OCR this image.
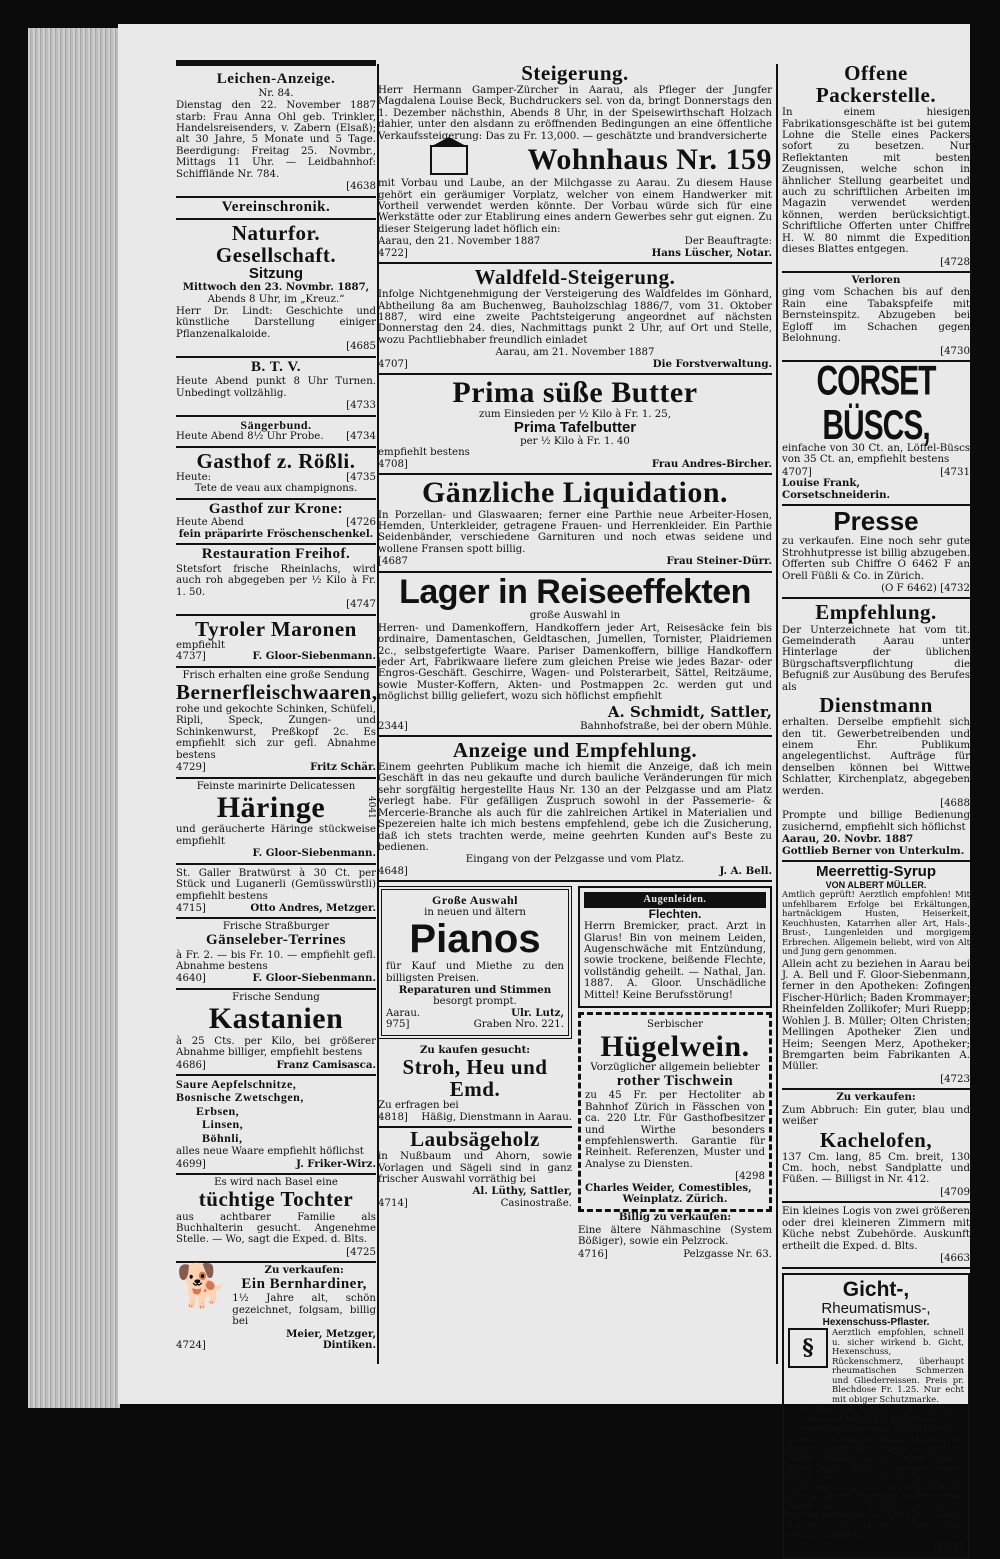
Leichen-Anzeige.
Nr. 84.
Dienstag den 22. November 1887 starb: Frau Anna Ohl geb. Trinkler, Handelsreisenders, v. Zabern (Elsaß); alt 30 Jahre, 5 Monate und 5 Tage. Beerdigung: Freitag 25. Novmbr., Mittags 11 Uhr. — Leidbahnhof: Schifflände Nr. 784.
[4638
Vereinschronik.
Naturfor. Gesellschaft.
Sitzung
Mittwoch den 23. Novmbr. 1887,
Abends 8 Uhr, im „Kreuz.“
Herr Dr. Lindt: Geschichte und künstliche Darstellung einiger Pflanzenalkaloide.
[4685
B. T. V.
Heute Abend punkt 8 Uhr Turnen. Unbedingt vollzählig.
[4733
Sängerbund.
Heute Abend 8½ Uhr Probe. [4734
Gasthof z. Rößli.
Heute:	[4735
Tete de veau aux champignons.
Gasthof zur Krone:
Heute Abend	[4726
fein präparirte Fröschenschenkel.
Restauration Freihof.
Stetsfort frische Rheinlachs, wird auch roh abgegeben per ½ Kilo à Fr. 1. 50.
[4747
Tyroler Maronen
empfiehlt
4737]	F. Gloor-Siebenmann.
Frisch erhalten eine große Sendung
Bernerfleischwaaren,
rohe und gekochte Schinken, Schüfeli, Ripli, Speck, Zungen- und Schinkenwurst, Preßkopf 2c. Es empfiehlt sich zur gefl. Abnahme bestens
4729]	Fritz Schär.
Feinste marinirte Delicatessen
Häringe	4041
und geräucherte Häringe stückweise empfiehlt
F. Gloor-Siebenmann.
St. Galler Bratwürst à 30 Ct. per Stück und Luganerli (Gemüsswürstli) empfiehlt bestens
4715]	Otto Andres, Metzger.
Frische Straßburger
Gänseleber-Terrines
à Fr. 2. — bis Fr. 10. — empfiehlt gefl. Abnahme bestens
4640]	F. Gloor-Siebenmann.
Frische Sendung
Kastanien
à 25 Cts. per Kilo, bei größerer Abnahme billiger, empfiehlt bestens
4686]	Franz Camisasca.
Saure Aepfelschnitze,
Bosnische Zwetschgen,
Erbsen,
Linsen,
Böhnli,
alles neue Waare empfiehlt höflichst
4699]	J. Friker-Wirz.
Es wird nach Basel eine
tüchtige Tochter
aus achtbarer Familie als Buchhalterin gesucht. Angenehme Stelle. — Wo, sagt die Exped. d. Blts.
[4725
🐕	Zu verkaufen:
Ein Bernhardiner,
1½ Jahre alt, schön gezeichnet, folgsam, billig bei
Meier, Metzger,
4724]	Dintiken.
Steigerung.
Herr Hermann Gamper-Zürcher in Aarau, als Pfleger der Jungfer Magdalena Louise Beck, Buchdruckers sel. von da, bringt Donnerstags den 1. Dezember nächsthin, Abends 8 Uhr, in der Speisewirthschaft Holzach dahier, unter den alsdann zu eröffnenden Bedingungen an eine öffentliche Verkaufssteigerung: Das zu Fr. 13,000. — geschätzte und brandversicherte
Wohnhaus Nr. 159
mit Vorbau und Laube, an der Milchgasse zu Aarau. Zu diesem Hause gehört ein geräumiger Vorplatz, welcher von einem Handwerker mit Vortheil verwendet werden könnte. Der Vorbau würde sich für eine Werkstätte oder zur Etablirung eines andern Gewerbes sehr gut eignen. Zu dieser Steigerung ladet höflich ein:
Aarau, den 21. November 1887	Der Beauftragte:
4722]	Hans Lüscher, Notar.
Waldfeld-Steigerung.
Infolge Nichtgenehmigung der Versteigerung des Waldfeldes im Gönhard, Abtheilung 8a am Buchenweg, Bauholzschlag 1886/7, vom 31. Oktober 1887, wird eine zweite Pachtsteigerung angeordnet auf nächsten Donnerstag den 24. dies, Nachmittags punkt 2 Uhr, auf Ort und Stelle, wozu Pachtliebhaber freundlich einladet
Aarau, am 21. November 1887
4707]	Die Forstverwaltung.
Prima süße Butter
zum Einsieden per ½ Kilo à Fr. 1. 25,
Prima Tafelbutter
per ½ Kilo à Fr. 1. 40
empfiehlt bestens
4708]	Frau Andres-Bircher.
Gänzliche Liquidation.
In Porzellan- und Glaswaaren; ferner eine Parthie neue Arbeiter-Hosen, Hemden, Unterkleider, getragene Frauen- und Herrenkleider. Ein Parthie Seidenbänder, verschiedene Garnituren und noch etwas seidene und wollene Fransen spott billig.
[4687	Frau Steiner-Dürr.
Lager in Reiseeffekten
große Auswahl in
Herren- und Damenkoffern, Handkoffern jeder Art, Reisesäcke fein bis ordinaire, Damentaschen, Geldtaschen, Jumellen, Tornister, Plaidriemen 2c., selbstgefertigte Waare. Pariser Damenkoffern, billige Handkoffern jeder Art, Fabrikwaare liefere zum gleichen Preise wie jedes Bazar- oder Engros-Geschäft. Geschirre, Wagen- und Polsterarbeit, Sättel, Reitzäume, sowie Muster-Koffern, Akten- und Postmappen 2c. werden gut und möglichst billig geliefert, wozu sich höflichst empfiehlt
A. Schmidt, Sattler,
2344]	Bahnhofstraße, bei der obern Mühle.
Anzeige und Empfehlung.
Einem geehrten Publikum mache ich hiemit die Anzeige, daß ich mein Geschäft in das neu gekaufte und durch bauliche Veränderungen für mich sehr sorgfältig hergestellte Haus Nr. 130 an der Pelzgasse und am Platz verlegt habe. Für gefälligen Zuspruch sowohl in der Passemerie- & Mercerie-Branche als auch für die zahlreichen Artikel in Materialien und Spezereien halte ich mich bestens empfehlend, gebe ich die Zusicherung, daß ich stets trachten werde, meine geehrten Kunden auf's Beste zu bedienen.
Eingang von der Pelzgasse und vom Platz.
4648]	J. A. Bell.
Große Auswahl
in neuen und ältern
Pianos
für Kauf und Miethe zu den billigsten Preisen.
Reparaturen und Stimmen
besorgt prompt.
Aarau.	Ulr. Lutz,
975]	Graben Nro. 221.
Zu kaufen gesucht:
Stroh, Heu und Emd.
Zu erfragen bei
4818] Häßig, Dienstmann in Aarau.
Laubsägeholz
in Nußbaum und Ahorn, sowie Vorlagen und Sägeli sind in ganz frischer Auswahl vorräthig bei
Al. Lüthy, Sattler,
4714]	Casinostraße.
Augenleiden.
Flechten.
Herrn Bremicker, pract. Arzt in Glarus! Bin von meinem Leiden, Augenschwäche mit Entzündung, sowie trockene, beißende Flechte, vollständig geheilt. — Nathal, Jan. 1887. A. Gloor. Unschädliche Mittel! Keine Berufsstörung!
Serbischer
Hügelwein.
Vorzüglicher allgemein beliebter
rother Tischwein
zu 45 Fr. per Hectoliter ab Bahnhof Zürich in Fässchen von ca. 220 Ltr. Für Gasthofbesitzer und Wirthe besonders empfehlenswerth. Garantie für Reinheit. Referenzen, Muster und Analyse zu Diensten.
[4298
Charles Weider, Comestibles,
Weinplatz. Zürich.
Billig zu verkaufen:
Eine ältere Nähmaschine (System Bößiger), sowie ein Pelzrock.
4716]	Pelzgasse Nr. 63.
Offene Packerstelle.
In einem hiesigen Fabrikationsgeschäfte ist bei gutem Lohne die Stelle eines Packers sofort zu besetzen. Nur Reflektanten mit besten Zeugnissen, welche schon in ähnlicher Stellung gearbeitet und auch zu schriftlichen Arbeiten im Magazin verwendet werden können, werden berücksichtigt. Schriftliche Offerten unter Chiffre H. W. 80 nimmt die Expedition dieses Blattes entgegen.
[4728
Verloren
ging vom Schachen bis auf den Rain eine Tabakspfeife mit Bernsteinspitz. Abzugeben bei Egloff im Schachen gegen Belohnung.
[4730
CORSET BÜSCS,
einfache von 30 Ct. an, Löffel-Büscs von 35 Ct. an, empfiehlt bestens
4707]	[4731
Louise Frank, Corsetschneiderin.
Presse
zu verkaufen. Eine noch sehr gute Strohhutpresse ist billig abzugeben. Offerten sub Chiffre O 6462 F an Orell Füßli & Co. in Zürich.
(O F 6462) [4732
Empfehlung.
Der Unterzeichnete hat vom tit. Gemeinderath Aarau unter Hinterlage der üblichen Bürgschaftsverpflichtung die Befugniß zur Ausübung des Berufes als
Dienstmann
erhalten. Derselbe empfiehlt sich den tit. Gewerbetreibenden und einem Ehr. Publikum angelegentlichst. Aufträge für denselben können bei Wittwe Schlatter, Kirchenplatz, abgegeben werden.
[4688
Prompte und billige Bedienung zusichernd, empfiehlt sich höflichst
Aarau, 20. Novbr. 1887
Gottlieb Berner von Unterkulm.
Meerrettig-Syrup
VON ALBERT MÜLLER.
Amtlich geprüft! Aerztlich empfohlen! Mit unfehlbarem Erfolge bei Erkältungen, hartnäckigem Husten, Heiserkeit, Keuchhusten, Katarrhen aller Art, Hals-, Brust-, Lungenleiden und morgigem Erbrechen. Allgemein beliebt, wird von Alt und Jung gern genommen.
Allein acht zu beziehen in Aarau bei J. A. Bell und F. Gloor-Siebenmann, ferner in den Apotheken: Zofingen Fischer-Hürlich; Baden Krommayer; Rheinfelden Zollikofer; Muri Ruepp; Wohlen J. B. Müller; Olten Christen; Mellingen Apotheker Zien und Heim; Seengen Merz, Apotheker; Bremgarten beim Fabrikanten A. Müller.
[4723
Zu verkaufen:
Zum Abbruch: Ein guter, blau und weißer
Kachelofen,
137 Cm. lang, 85 Cm. breit, 130 Cm. hoch, nebst Sandplatte und Füßen. — Billigst in Nr. 412.
[4709
Ein kleines Logis von zwei größeren oder drei kleineren Zimmern mit Küche nebst Zubehörde. Auskunft ertheilt die Exped. d. Blts.
[4663
Gicht-,
Rheumatismus-,
Hexenschuss-Pflaster.
§
Aerztlich empfohlen, schnell u. sicher wirkend b. Gicht, Hexenschuss, Rückenschmerz, überhaupt rheumatischen Schmerzen und Gliederreissen. Preis pr. Blechdose Fr. 1.25. Nur echt mit obiger Schutzmarke.
Apotheker H. Scholinus, Flensburg. General-Dépôt für die Schweiz: Apotheker Hartmann in Steckborn.
Dépôts. In Aarau: Apoth. Keusch. — Baden: Apoth. Kronmayer. — Wohlen: Apoth. Müller. — Mellingen: Apoth. Heim, Apoth. Iten. — Seengen: Apoth. Merz. — Sins: Apoth. Runge — Zofingen: Apoth. Fischer-Hürlich; Zürich: Apoth. Baumann in Winterthur, Apoth. Bommer z. Zähringer, Apoth. Härlin, Bahnhofstr. — Apoth. Dr. Seifert, Unterstrasse, Apoth. Weidmüller, Central-apotheke.
[1197
